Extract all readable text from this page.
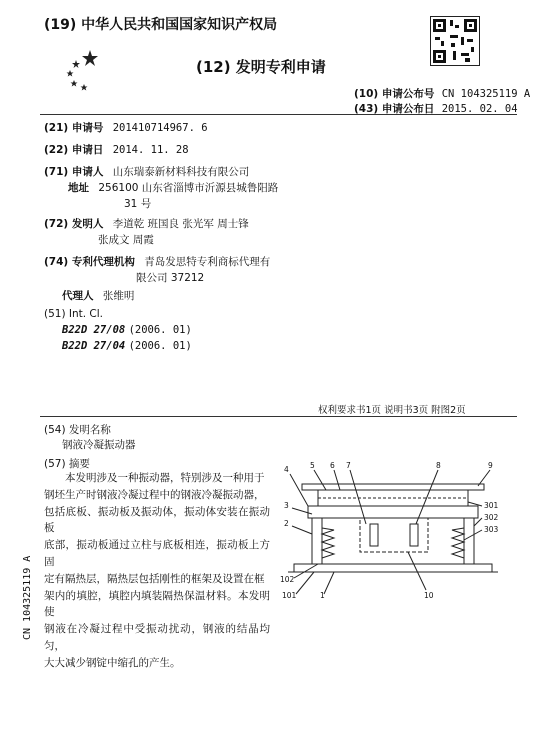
(19) 中华人民共和国国家知识产权局
(12) 发明专利申请
(10) 申请公布号 CN 104325119 A
(43) 申请公布日 2015. 02. 04
(21) 申请号 201410714967. 6
(22) 申请日 2014. 11. 28
(71) 申请人 山东瑞泰新材料科技有限公司
地址 256100 山东省淄博市沂源县城鲁阳路
31 号
(72) 发明人 李道乾 班国良 张光军 周士锋
张成文 周霞
(74) 专利代理机构 青岛发思特专利商标代理有
限公司 37212
代理人 张维明
(51) Int. Cl.
B22D 27/08 (2006. 01)
B22D 27/04 (2006. 01)
权利要求书1页 说明书3页 附图2页
(54) 发明名称
钢液冷凝振动器
(57) 摘要

本发明涉及一种振动器，特别涉及一种用于

钢坯生产时钢液冷凝过程中的钢液冷凝振动器，

包括底板、振动板及振动体，振动体安装在振动板

底部，振动板通过立柱与底板相连，振动板上方固

定有隔热层，隔热层包括刚性的框架及设置在框

架内的填腔，填腔内填装隔热保温材料。本发明使

钢液在冷凝过程中受振动扰动，钢液的结晶均匀，

大大减少钢锭中缩孔的产生。

4	5 6 7	8	9
3
2
301
302
303
102
101	1	10
CN 104325119 A
